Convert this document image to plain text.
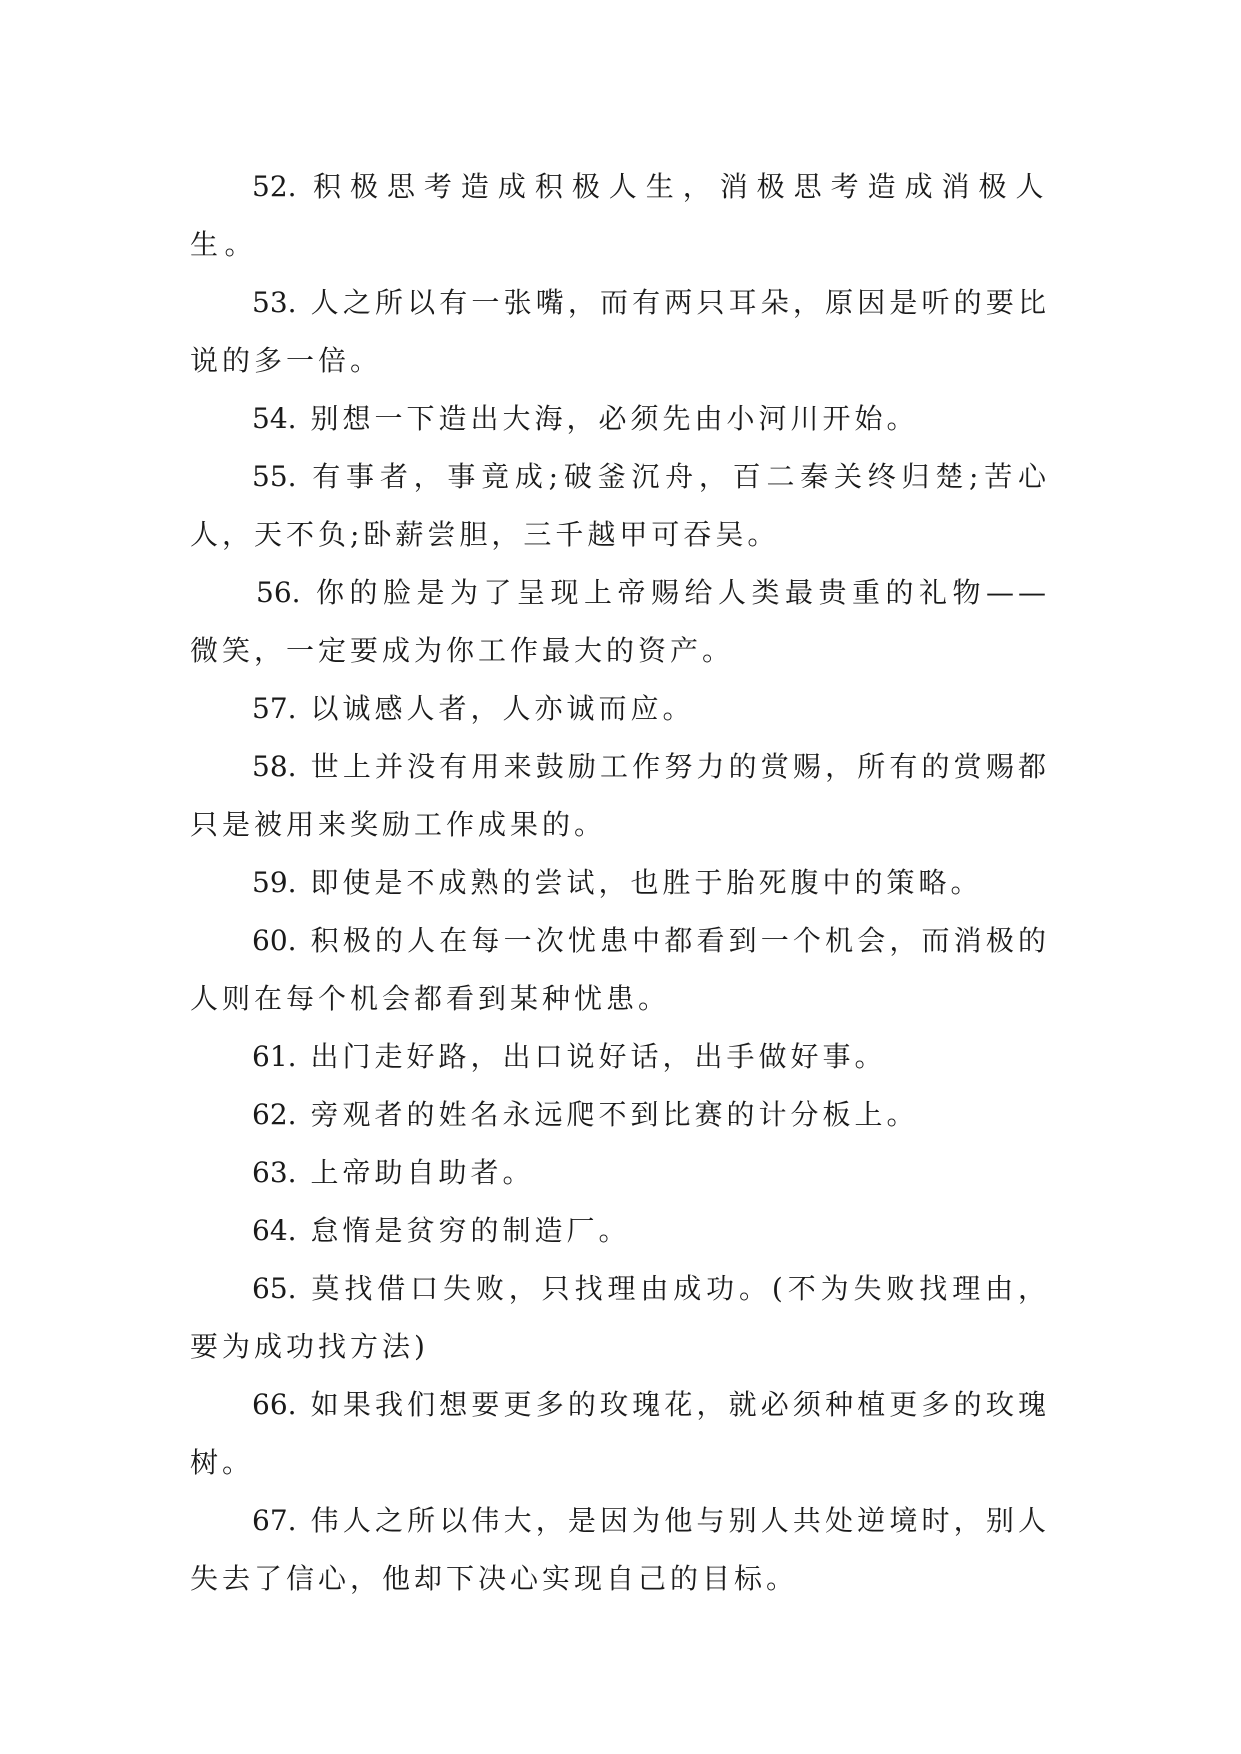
52. 积极思考造成积极人生，消极思考造成消极人生。

53. 人之所以有一张嘴，而有两只耳朵，原因是听的要比说的多一倍。

54. 别想一下造出大海，必须先由小河川开始。

55. 有事者，事竟成;破釜沉舟，百二秦关终归楚;苦心人，天不负;卧薪尝胆，三千越甲可吞吴。

56. 你的脸是为了呈现上帝赐给人类最贵重的礼物——微笑，一定要成为你工作最大的资产。

57. 以诚感人者，人亦诚而应。

58. 世上并没有用来鼓励工作努力的赏赐，所有的赏赐都只是被用来奖励工作成果的。

59. 即使是不成熟的尝试，也胜于胎死腹中的策略。

60. 积极的人在每一次忧患中都看到一个机会，而消极的人则在每个机会都看到某种忧患。

61. 出门走好路，出口说好话，出手做好事。

62. 旁观者的姓名永远爬不到比赛的计分板上。

63. 上帝助自助者。

64. 怠惰是贫穷的制造厂。

65. 莫找借口失败，只找理由成功。(不为失败找理由，要为成功找方法)

66. 如果我们想要更多的玫瑰花，就必须种植更多的玫瑰树。

67. 伟人之所以伟大，是因为他与别人共处逆境时，别人失去了信心，他却下决心实现自己的目标。
